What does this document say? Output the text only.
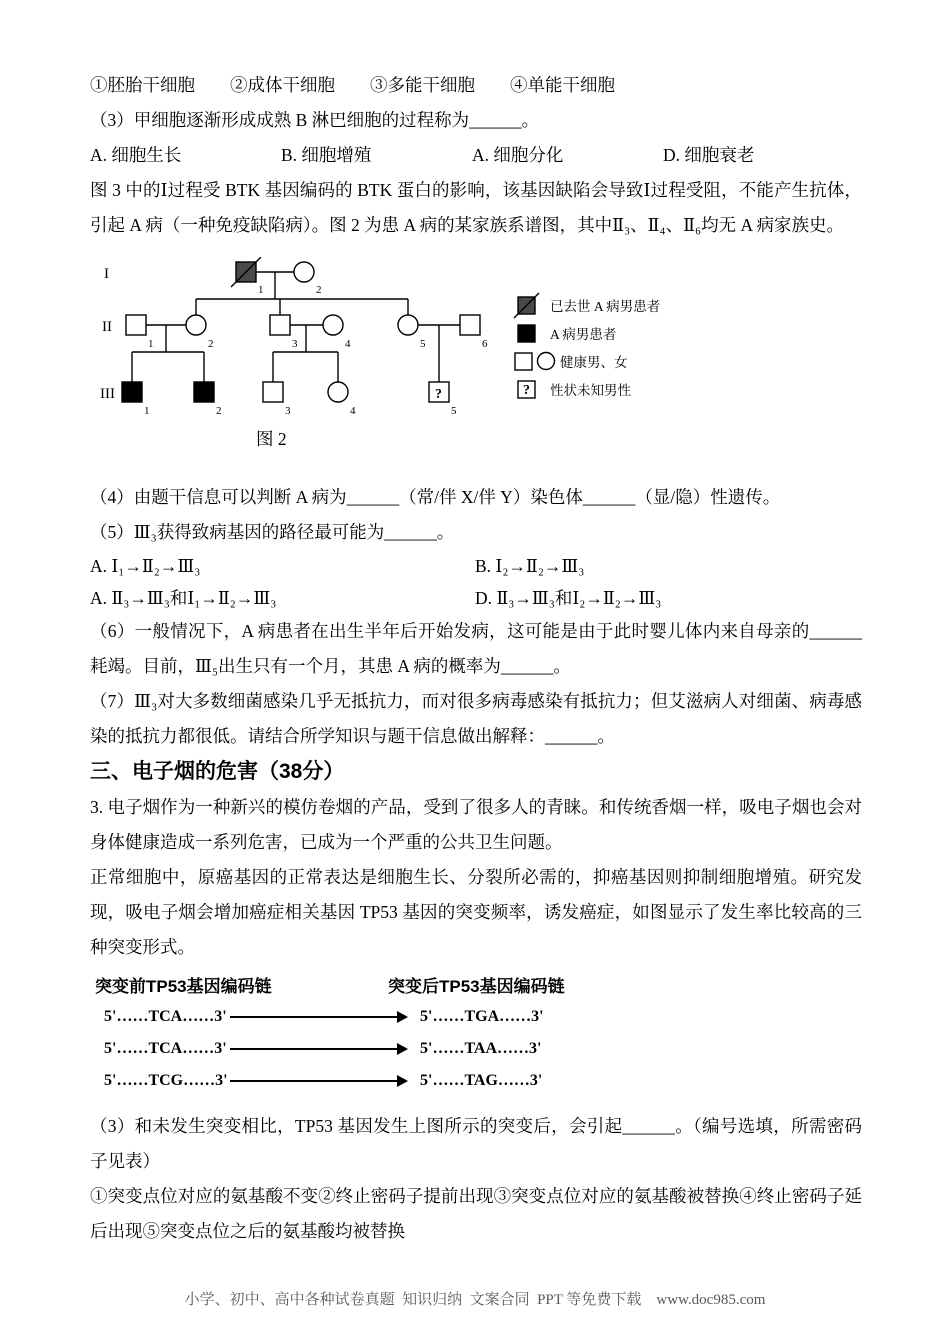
①胚胎干细胞　　②成体干细胞　　③多能干细胞　　④单能干细胞

（3）甲细胞逐渐形成成熟 B 淋巴细胞的过程称为______。

A. 细胞生长	B. 细胞增殖	A. 细胞分化	D. 细胞衰老

图 3 中的Ⅰ过程受 BTK 基因编码的 BTK 蛋白的影响，该基因缺陷会导致Ⅰ过程受阻，不能产生抗体，引起 A 病（一种免疫缺陷病）。图 2 为患 A 病的某家族系谱图，其中Ⅱ₃、Ⅱ₄、Ⅱ₆均无 A 病家族史。

I
II
III
1	2
1	2	3	4	5	6
?
1	2	3	4	5
已去世 A 病男患者
A 病男患者
健康男、女
? 性状未知男性
图 2

（4）由题干信息可以判断 A 病为______（常/伴 X/伴 Y）染色体______（显/隐）性遗传。

（5）Ⅲ₃获得致病基因的路径最可能为______。

A. Ⅰ₁→Ⅱ₂→Ⅲ₃	B. Ⅰ₂→Ⅱ₂→Ⅲ₃
A. Ⅱ₃→Ⅲ₃和Ⅰ₁→Ⅱ₂→Ⅲ₃	D. Ⅱ₃→Ⅲ₃和Ⅰ₂→Ⅱ₂→Ⅲ₃

（6）一般情况下，A 病患者在出生半年后开始发病，这可能是由于此时婴儿体内来自母亲的______耗竭。目前，Ⅲ₅出生只有一个月，其患 A 病的概率为______。

（7）Ⅲ₃对大多数细菌感染几乎无抵抗力，而对很多病毒感染有抵抗力；但艾滋病人对细菌、病毒感染的抵抗力都很低。请结合所学知识与题干信息做出解释：______。

三、电子烟的危害（38分）

3. 电子烟作为一种新兴的模仿卷烟的产品，受到了很多人的青睐。和传统香烟一样，吸电子烟也会对身体健康造成一系列危害，已成为一个严重的公共卫生问题。

正常细胞中，原癌基因的正常表达是细胞生长、分裂所必需的，抑癌基因则抑制细胞增殖。研究发现，吸电子烟会增加癌症相关基因 TP53 基因的突变频率，诱发癌症，如图显示了发生率比较高的三种突变形式。

突变前TP53基因编码链	突变后TP53基因编码链
5'……TCA……3'	5'……TGA……3'
5'……TCA……3'	5'……TAA……3'
5'……TCG……3'	5'……TAG……3'

（3）和未发生突变相比，TP53 基因发生上图所示的突变后，会引起______。（编号选填，所需密码子见表）

①突变点位对应的氨基酸不变②终止密码子提前出现③突变点位对应的氨基酸被替换④终止密码子延后出现⑤突变点位之后的氨基酸均被替换

小学、初中、高中各种试卷真题  知识归纳  文案合同  PPT 等免费下载    www.doc985.com
